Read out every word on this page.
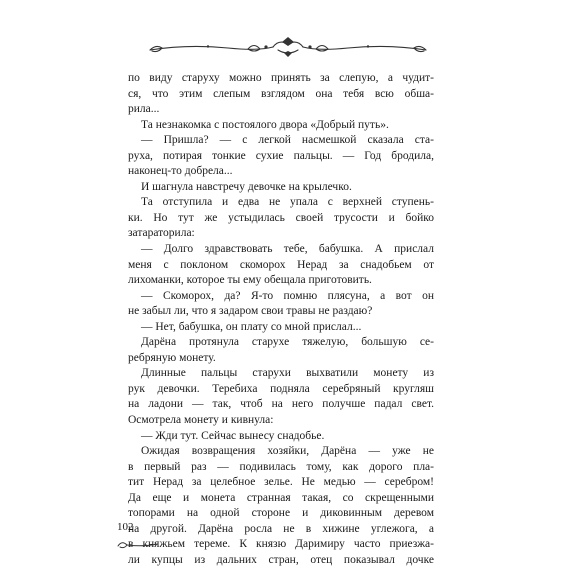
по виду старуху можно принять за слепую, а чудит-
ся, что этим слепым взглядом она тебя всю обша-
рила...
Та незнакомка с постоялого двора «Добрый путь».
— Пришла? — с легкой насмешкой сказала ста-
руха, потирая тонкие сухие пальцы. — Год бродила,
наконец-то добрела...
И шагнула навстречу девочке на крылечко.
Та отступила и едва не упала с верхней ступень-
ки. Но тут же устыдилась своей трусости и бойко
затараторила:
— Долго здравствовать тебе, бабушка. А прислал
меня с поклоном скоморох Нерад за снадобьем от
лихоманки, которое ты ему обещала приготовить.
— Скоморох, да? Я-то помню плясуна, а вот он
не забыл ли, что я задаром свои травы не раздаю?
— Нет, бабушка, он плату со мной прислал...
Дарёна протянула старухе тяжелую, большую се-
ребряную монету.
Длинные пальцы старухи выхватили монету из
рук девочки. Теребиха подняла серебряный кругляш
на ладони — так, чтоб на него получше падал свет.
Осмотрела монету и кивнула:
— Жди тут. Сейчас вынесу снадобье.
Ожидая возвращения хозяйки, Дарёна — уже не
в первый раз — подивилась тому, как дорого пла-
тит Нерад за целебное зелье. Не медью — серебром!
Да еще и монета странная такая, со скрещенными
топорами на одной стороне и диковинным деревом
на другой. Дарёна росла не в хижине углежога, а
в княжьем тереме. К князю Даримиру часто приезжа-
ли купцы из дальних стран, отец показывал дочке
102
